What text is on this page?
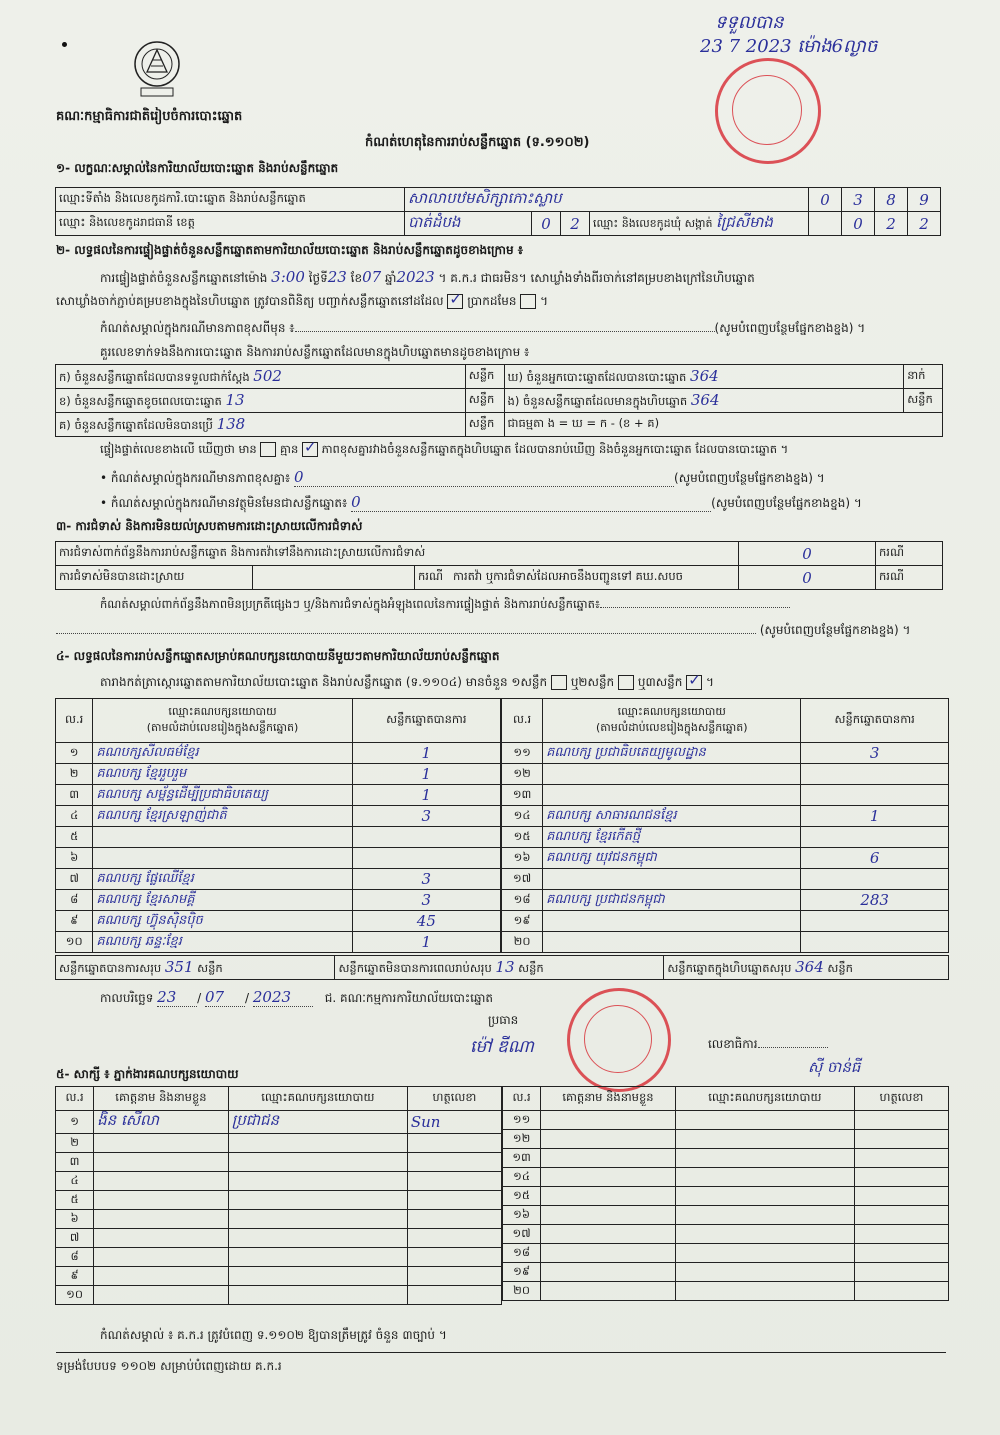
គណៈកម្មាធិការជាតិរៀបចំការបោះឆ្នោត
កំណត់ហេតុនៃការរាប់សន្លឹកឆ្នោត (ទ.១១០២)
ទទួលបាន
23 7 2023 ម៉ោង6ល្ងាច
១- លក្ខណៈសម្គាល់នៃការិយាល័យបោះឆ្នោត និងរាប់សន្លឹកឆ្នោត
ឈ្មោះទីតាំង និងលេខកូដការិ.បោះឆ្នោត និងរាប់សន្លឹកឆ្នោត	សាលាបឋមសិក្សាកោះស្លាប				0	3	8	9
ឈ្មោះ និងលេខកូដរាជធានី ខេត្ត	បាត់ដំបង	0	2	ឈ្មោះ និងលេខកូដឃុំ សង្កាត់ ជ្រៃសីមាង		0	2	2
២- លទ្ធផលនៃការផ្ទៀងផ្ទាត់ចំនួនសន្លឹកឆ្នោតតាមការិយាល័យបោះឆ្នោត និងរាប់សន្លឹកឆ្នោតដូចខាងក្រោម ៖
ការផ្ទៀងផ្ទាត់ចំនួនសន្លឹកឆ្នោតនៅម៉ោង 3:00 ថ្ងៃទី23 ខែ07 ឆ្នាំ2023 ។ គ.ក.រ ជាធរមិន។ សោឃ្លាំងទាំងពីរចាក់នៅគម្របខាងក្រៅនៃហិបឆ្នោត
សោឃ្លាំងចាក់ភ្ជាប់គម្របខាងក្នុងនៃហិបឆ្នោត ត្រូវបានពិនិត្យ បញ្ជាក់សន្លឹកឆ្នោតនៅដដែល ✓ ប្រាកដមែន ។
កំណត់សម្គាល់ក្នុងករណីមានភាពខុសពីមុន ៖	(សូមបំពេញបន្ថែមផ្នែកខាងខ្នង) ។
គួរលេខទាក់ទងនឹងការបោះឆ្នោត និងការរាប់សន្លឹកឆ្នោតដែលមានក្នុងហិបឆ្នោតមានដូចខាងក្រោម ៖
ក) ចំនួនសន្លឹកឆ្នោតដែលបានទទួលជាក់ស្តែង 502	សន្លឹក	ឃ) ចំនួនអ្នកបោះឆ្នោតដែលបានបោះឆ្នោត 364	នាក់
ខ) ចំនួនសន្លឹកឆ្នោតខូចពេលបោះឆ្នោត 13	សន្លឹក	ង) ចំនួនសន្លឹកឆ្នោតដែលមានក្នុងហិបឆ្នោត 364	សន្លឹក
គ) ចំនួនសន្លឹកឆ្នោតដែលមិនបានប្រើ 138	សន្លឹក	ជាធម្មតា ង = ឃ = ក - (ខ + គ)	
ផ្ទៀងផ្ទាត់លេខខាងលើ ឃើញថា មាន គ្មាន ✓ ភាពខុសគ្នារវាងចំនួនសន្លឹកឆ្នោតក្នុងហិបឆ្នោត ដែលបានរាប់ឃើញ និងចំនួនអ្នកបោះឆ្នោត ដែលបានបោះឆ្នោត ។
• កំណត់សម្គាល់ក្នុងករណីមានភាពខុសគ្នា៖ 0	(សូមបំពេញបន្ថែមផ្នែកខាងខ្នង) ។
• កំណត់សម្គាល់ក្នុងករណីមានវត្ថុមិនមែនជាសន្លឹកឆ្នោត៖ 0	(សូមបំពេញបន្ថែមផ្នែកខាងខ្នង) ។
៣- ការជំទាស់ និងការមិនយល់ស្របតាមការដោះស្រាយលើការជំទាស់
ការជំទាស់ពាក់ព័ន្ធនឹងការរាប់សន្លឹកឆ្នោត និងការតវ៉ាទៅនឹងការដោះស្រាយលើការជំទាស់			0	ករណី
ការជំទាស់មិនបានដោះស្រាយ		ករណី ការតវ៉ា ឬការជំទាស់ដែលអាចនឹងបញ្ជូនទៅ គឃ.សបច	0	ករណី
កំណត់សម្គាល់ពាក់ព័ន្ធនឹងភាពមិនប្រក្រតីផ្សេងៗ ឬ/និងការជំទាស់ក្នុងអំឡុងពេលនៃការផ្ទៀងផ្ទាត់ និងការរាប់សន្លឹកឆ្នោត៖
(សូមបំពេញបន្ថែមផ្នែកខាងខ្នង) ។
៤- លទ្ធផលនៃការរាប់សន្លឹកឆ្នោតសម្រាប់គណបក្សនយោបាយនីមួយៗតាមការិយាល័យរាប់សន្លឹកឆ្នោត
តារាងកត់ត្រាស្កោរឆ្នោតតាមការិយាល័យបោះឆ្នោត និងរាប់សន្លឹកឆ្នោត (ទ.១១០៤) មានចំនួន ១សន្លឹក ឬ២សន្លឹក ឬ៣សន្លឹក ✓ ។
ល.រ	ឈ្មោះគណបក្សនយោបាយ
(តាមលំដាប់លេខរៀងក្នុងសន្លឹកឆ្នោត)	សន្លឹកឆ្នោតបានការ
១	គណបក្សសីលធម៌ខ្មែរ	1
២	គណបក្ស ខ្មែររួបរួម	1
៣	គណបក្ស សម្ព័ន្ធដើម្បីប្រជាធិបតេយ្យ	1
៤	គណបក្ស ខ្មែរស្រឡាញ់ជាតិ	3
៥		
៦		
៧	គណបក្ស ផ្លែឈើខ្មែរ	3
៨	គណបក្ស ខ្មែរសាមគ្គី	3
៩	គណបក្ស ហ៊្វុនស៊ិនប៉ិច	45
១០	គណបក្ស ឆន្ទៈខ្មែរ	1
ល.រ	ឈ្មោះគណបក្សនយោបាយ
(តាមលំដាប់លេខរៀងក្នុងសន្លឹកឆ្នោត)	សន្លឹកឆ្នោតបានការ
១១	គណបក្ស ប្រជាធិបតេយ្យមូលដ្ឋាន	3
១២		
១៣		
១៤	គណបក្ស សាធារណជនខ្មែរ	1
១៥	គណបក្ស ខ្មែរកើតថ្មី	
១៦	គណបក្ស យុវជនកម្ពុជា	6
១៧		
១៨	គណបក្ស ប្រជាជនកម្ពុជា	283
១៩		
២០		
សន្លឹកឆ្នោតបានការសរុប 351 សន្លឹក	សន្លឹកឆ្នោតមិនបានការពេលរាប់សរុប 13 សន្លឹក	សន្លឹកឆ្នោតក្នុងហិបឆ្នោតសរុប 364 សន្លឹក
កាលបរិច្ឆេទ 23 / 07 / 2023	ជ. គណៈកម្មការការិយាល័យបោះឆ្នោត
ប្រធាន
ម៉ៅ ឌីណា	លេខាធិការ
ស៊ី ចាន់ធី
៥- សាក្សី ៖ ភ្នាក់ងារគណបក្សនយោបាយ
ល.រ	គោត្តនាម និងនាមខ្លួន	ឈ្មោះគណបក្សនយោបាយ	ហត្ថលេខា
១	ងិន សើលា	ប្រជាជន	Sun
២			
៣			
៤			
៥			
៦			
៧			
៨			
៩			
១០			
ល.រ	គោត្តនាម និងនាមខ្លួន	ឈ្មោះគណបក្សនយោបាយ	ហត្ថលេខា
១១			
១២			
១៣			
១៤			
១៥			
១៦			
១៧			
១៨			
១៩			
២០			
កំណត់សម្គាល់ ៖ គ.ក.រ ត្រូវបំពេញ ទ.១១០២ ឱ្យបានត្រឹមត្រូវ ចំនួន ៣ច្បាប់ ។
ទម្រង់បែបបទ ១១០២ សម្រាប់បំពេញដោយ គ.ក.រ
